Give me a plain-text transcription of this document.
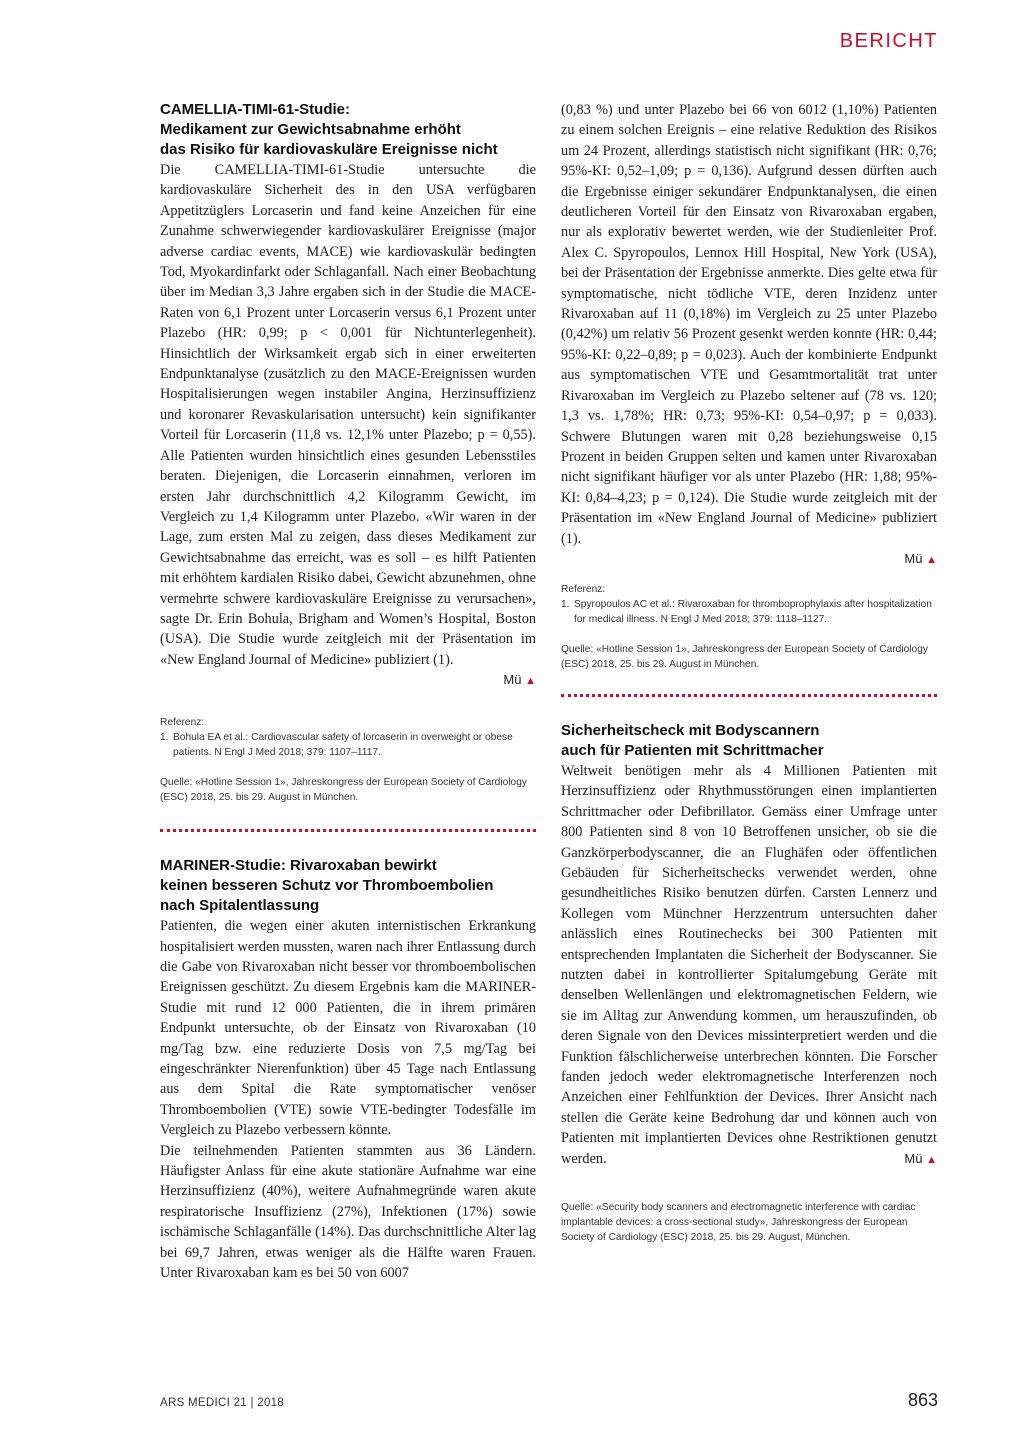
BERICHT
CAMELLIA-TIMI-61-Studie:
Medikament zur Gewichtsabnahme erhöht
das Risiko für kardiovaskuläre Ereignisse nicht

Die CAMELLIA-TIMI-61-Studie untersuchte die kardiovaskuläre Sicherheit des in den USA verfügbaren Appetitzüglers Lorcaserin und fand keine Anzeichen für eine Zunahme schwerwiegender kardiovaskulärer Ereignisse (major adverse cardiac events, MACE) wie kardiovaskulär bedingten Tod, Myokardinfarkt oder Schlaganfall. Nach einer Beobachtung über im Median 3,3 Jahre ergaben sich in der Studie die MACE-Raten von 6,1 Prozent unter Lorcaserin versus 6,1 Prozent unter Plazebo (HR: 0,99; p < 0,001 für Nichtunterlegenheit). Hinsichtlich der Wirksamkeit ergab sich in einer erweiterten Endpunktanalyse (zusätzlich zu den MACE-Ereignissen wurden Hospitalisierungen wegen instabiler Angina, Herzinsuffizienz und koronarer Revaskularisation untersucht) kein signifikanter Vorteil für Lorcaserin (11,8 vs. 12,1% unter Plazebo; p = 0,55). Alle Patienten wurden hinsichtlich eines gesunden Lebensstiles beraten. Diejenigen, die Lorcaserin einnahmen, verloren im ersten Jahr durchschnittlich 4,2 Kilogramm Gewicht, im Vergleich zu 1,4 Kilogramm unter Plazebo. «Wir waren in der Lage, zum ersten Mal zu zeigen, dass dieses Medikament zur Gewichtsabnahme das erreicht, was es soll – es hilft Patienten mit erhöhtem kardialen Risiko dabei, Gewicht abzunehmen, ohne vermehrte schwere kardiovaskuläre Ereignisse zu verursachen», sagte Dr. Erin Bohula, Brigham and Women’s Hospital, Boston (USA). Die Studie wurde zeitgleich mit der Präsentation im «New England Journal of Medicine» publiziert (1).

Mü ▲
Referenz:
1. Bohula EA et al.: Cardiovascular safety of lorcaserin in overweight or obese patients. N Engl J Med 2018; 379: 1107–1117.
Quelle: «Hotline Session 1», Jahreskongress der European Society of Cardiology (ESC) 2018, 25. bis 29. August in München.
MARINER-Studie: Rivaroxaban bewirkt
keinen besseren Schutz vor Thromboembolien
nach Spitalentlassung

Patienten, die wegen einer akuten internistischen Erkrankung hospitalisiert werden mussten, waren nach ihrer Entlassung durch die Gabe von Rivaroxaban nicht besser vor thromboembolischen Ereignissen geschützt. Zu diesem Ergebnis kam die MARINER-Studie mit rund 12 000 Patienten, die in ihrem primären Endpunkt untersuchte, ob der Einsatz von Rivaroxaban (10 mg/Tag bzw. eine reduzierte Dosis von 7,5 mg/Tag bei eingeschränkter Nierenfunktion) über 45 Tage nach Entlassung aus dem Spital die Rate symptomatischer venöser Thromboembolien (VTE) sowie VTE-bedingter Todesfälle im Vergleich zu Plazebo verbessern könnte.

Die teilnehmenden Patienten stammten aus 36 Ländern. Häufigster Anlass für eine akute stationäre Aufnahme war eine Herzinsuffizienz (40%), weitere Aufnahmegründe waren akute respiratorische Insuffizienz (27%), Infektionen (17%) sowie ischämische Schlaganfälle (14%). Das durchschnittliche Alter lag bei 69,7 Jahren, etwas weniger als die Hälfte waren Frauen. Unter Rivaroxaban kam es bei 50 von 6007

(0,83 %) und unter Plazebo bei 66 von 6012 (1,10%) Patienten zu einem solchen Ereignis – eine relative Reduktion des Risikos um 24 Prozent, allerdings statistisch nicht signifikant (HR: 0,76; 95%-KI: 0,52–1,09; p = 0,136). Aufgrund dessen dürften auch die Ergebnisse einiger sekundärer Endpunktanalysen, die einen deutlicheren Vorteil für den Einsatz von Rivaroxaban ergaben, nur als explorativ bewertet werden, wie der Studienleiter Prof. Alex C. Spyropoulos, Lennox Hill Hospital, New York (USA), bei der Präsentation der Ergebnisse anmerkte. Dies gelte etwa für symptomatische, nicht tödliche VTE, deren Inzidenz unter Rivaroxaban auf 11 (0,18%) im Vergleich zu 25 unter Plazebo (0,42%) um relativ 56 Prozent gesenkt werden konnte (HR: 0,44; 95%-KI: 0,22–0,89; p = 0,023). Auch der kombinierte Endpunkt aus symptomatischen VTE und Gesamtmortalität trat unter Rivaroxaban im Vergleich zu Plazebo seltener auf (78 vs. 120; 1,3 vs. 1,78%; HR: 0,73; 95%-KI: 0,54–0,97; p = 0,033). Schwere Blutungen waren mit 0,28 beziehungsweise 0,15 Prozent in beiden Gruppen selten und kamen unter Rivaroxaban nicht signifikant häufiger vor als unter Plazebo (HR: 1,88; 95%-KI: 0,84–4,23; p = 0,124). Die Studie wurde zeitgleich mit der Präsentation im «New England Journal of Medicine» publiziert (1).

Mü ▲
Referenz:
1. Spyropoulos AC et al.: Rivaroxaban for thromboprophylaxis after hospitalization for medical illness. N Engl J Med 2018; 379: 1118–1127.
Quelle: «Hotline Session 1», Jahreskongress der European Society of Cardiology (ESC) 2018, 25. bis 29. August in München.
Sicherheitscheck mit Bodyscannern
auch für Patienten mit Schrittmacher

Weltweit benötigen mehr als 4 Millionen Patienten mit Herzinsuffizienz oder Rhythmusstörungen einen implantierten Schrittmacher oder Defibrillator. Gemäss einer Umfrage unter 800 Patienten sind 8 von 10 Betroffenen unsicher, ob sie die Ganzkörperbodyscanner, die an Flughäfen oder öffentlichen Gebäuden für Sicherheitschecks verwendet werden, ohne gesundheitliches Risiko benutzen dürfen. Carsten Lennerz und Kollegen vom Münchner Herzzentrum untersuchten daher anlässlich eines Routinechecks bei 300 Patienten mit entsprechenden Implantaten die Sicherheit der Bodyscanner. Sie nutzten dabei in kontrollierter Spitalumgebung Geräte mit denselben Wellenlängen und elektromagnetischen Feldern, wie sie im Alltag zur Anwendung kommen, um herauszufinden, ob deren Signale von den Devices missinterpretiert werden und die Funktion fälschlicherweise unterbrechen könnten. Die Forscher fanden jedoch weder elektromagnetische Interferenzen noch Anzeichen einer Fehlfunktion der Devices. Ihrer Ansicht nach stellen die Geräte keine Bedrohung dar und können auch von Patienten mit implantierten Devices ohne Restriktionen genutzt werden.	Mü ▲
Quelle: «Security body scanners and electromagnetic interference with cardiac implantable devices: a cross-sectional study», Jahreskongress der European Society of Cardiology (ESC) 2018, 25. bis 29. August, München.
ARS MEDICI 21 | 2018	863
